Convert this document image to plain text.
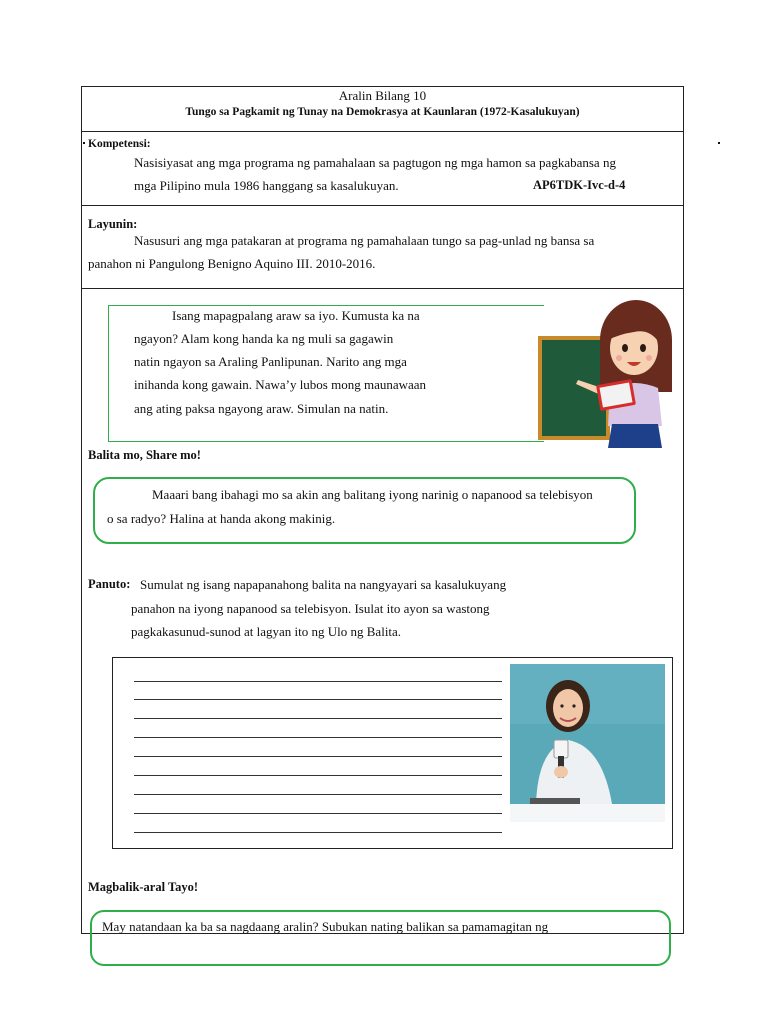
Aralin Bilang 10
Tungo sa Pagkamit ng Tunay na Demokrasya at Kaunlaran (1972-Kasalukuyan)
Kompetensi:
Nasisiyasat ang mga programa ng pamahalaan sa pagtugon ng mga hamon sa pagkabansa ng
mga Pilipino mula 1986 hanggang sa kasalukuyan.	AP6TDK-Ivc-d-4
Layunin:
Nasusuri ang mga patakaran at programa ng pamahalaan tungo sa pag-unlad ng bansa sa
panahon ni Pangulong Benigno Aquino III. 2010-2016.
Isang mapagpalang araw sa iyo. Kumusta ka na
ngayon? Alam kong handa ka ng muli sa gagawin
natin ngayon sa Araling Panlipunan. Narito ang mga
inihanda kong gawain. Nawa’y lubos mong maunawaan
ang ating paksa ngayong araw. Simulan na natin.
Balita mo, Share mo!
Maaari bang ibahagi mo sa akin ang balitang iyong narinig o napanood sa telebisyon
o sa radyo? Halina at handa akong makinig.
Panuto: Sumulat ng isang napapanahong balita na nangyayari sa kasalukuyang
panahon na iyong napanood sa telebisyon. Isulat ito ayon sa wastong
pagkakasunud-sunod at lagyan ito ng Ulo ng Balita.
Magbalik-aral Tayo!
May natandaan ka ba sa nagdaang aralin? Subukan nating balikan sa pamamagitan ng
